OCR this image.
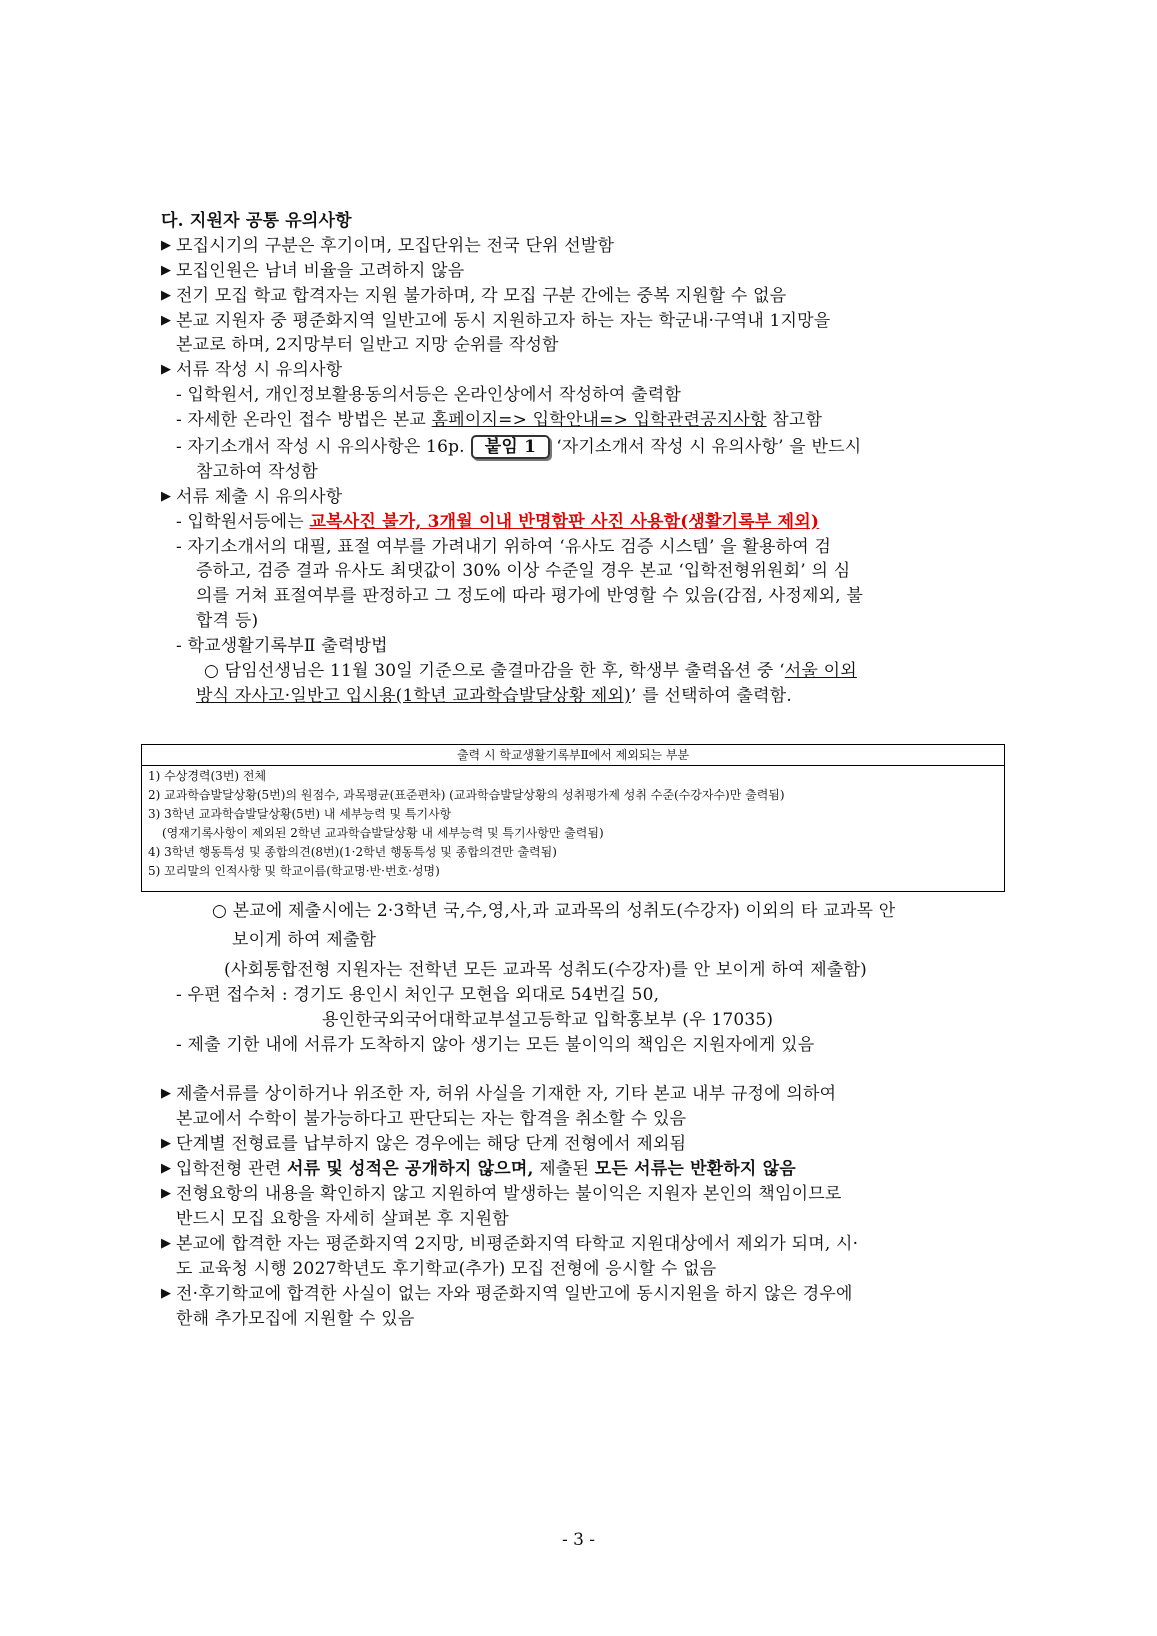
다. 지원자 공통 유의사항
▶ 모집시기의 구분은 후기이며, 모집단위는 전국 단위 선발함
▶ 모집인원은 남녀 비율을 고려하지 않음
▶ 전기 모집 학교 합격자는 지원 불가하며, 각 모집 구분 간에는 중복 지원할 수 없음
▶ 본교 지원자 중 평준화지역 일반고에 동시 지원하고자 하는 자는 학군내·구역내 1지망을
본교로 하며, 2지망부터 일반고 지망 순위를 작성함
▶ 서류 작성 시 유의사항
- 입학원서, 개인정보활용동의서등은 온라인상에서 작성하여 출력함
- 자세한 온라인 접수 방법은 본교 홈페이지=> 입학안내=> 입학관련공지사항 참고함
- 자기소개서 작성 시 유의사항은 16p. 붙임 1 ‘자기소개서 작성 시 유의사항’ 을 반드시
참고하여 작성함
▶ 서류 제출 시 유의사항
- 입학원서등에는 교복사진 불가, 3개월 이내 반명함판 사진 사용함(생활기록부 제외)
- 자기소개서의 대필, 표절 여부를 가려내기 위하여 ‘유사도 검증 시스템’ 을 활용하여 검
증하고, 검증 결과 유사도 최댓값이 30% 이상 수준일 경우 본교 ‘입학전형위원회’ 의 심
의를 거쳐 표절여부를 판정하고 그 정도에 따라 평가에 반영할 수 있음(감점, 사정제외, 불
합격 등)
- 학교생활기록부Ⅱ 출력방법
○ 담임선생님은 11월 30일 기준으로 출결마감을 한 후, 학생부 출력옵션 중 ‘서울 이외
방식 자사고·일반고 입시용(1학년 교과학습발달상황 제외)’ 를 선택하여 출력함.
출력 시 학교생활기록부Ⅱ에서 제외되는 부분
1) 수상경력(3번) 전체
2) 교과학습발달상황(5번)의 원점수, 과목평균(표준편차) (교과학습발달상황의 성취평가제 성취 수준(수강자수)만 출력됨)
3) 3학년 교과학습발달상황(5번) 내 세부능력 및 특기사항
(영재기록사항이 제외된 2학년 교과학습발달상황 내 세부능력 및 특기사항만 출력됨)
4) 3학년 행동특성 및 종합의견(8번)(1·2학년 행동특성 및 종합의견만 출력됨)
5) 꼬리말의 인적사항 및 학교이름(학교명·반·번호·성명)
○ 본교에 제출시에는 2·3학년 국,수,영,사,과 교과목의 성취도(수강자) 이외의 타 교과목 안
보이게 하여 제출함
(사회통합전형 지원자는 전학년 모든 교과목 성취도(수강자)를 안 보이게 하여 제출함)
- 우편 접수처 : 경기도 용인시 처인구 모현읍 외대로 54번길 50,
용인한국외국어대학교부설고등학교 입학홍보부 (우 17035)
- 제출 기한 내에 서류가 도착하지 않아 생기는 모든 불이익의 책임은 지원자에게 있음
▶ 제출서류를 상이하거나 위조한 자, 허위 사실을 기재한 자, 기타 본교 내부 규정에 의하여
본교에서 수학이 불가능하다고 판단되는 자는 합격을 취소할 수 있음
▶ 단계별 전형료를 납부하지 않은 경우에는 해당 단계 전형에서 제외됨
▶ 입학전형 관련 서류 및 성적은 공개하지 않으며, 제출된 모든 서류는 반환하지 않음
▶ 전형요항의 내용을 확인하지 않고 지원하여 발생하는 불이익은 지원자 본인의 책임이므로
반드시 모집 요항을 자세히 살펴본 후 지원함
▶ 본교에 합격한 자는 평준화지역 2지망, 비평준화지역 타학교 지원대상에서 제외가 되며, 시·
도 교육청 시행 2027학년도 후기학교(추가) 모집 전형에 응시할 수 없음
▶ 전·후기학교에 합격한 사실이 없는 자와 평준화지역 일반고에 동시지원을 하지 않은 경우에
한해 추가모집에 지원할 수 있음
- 3 -
